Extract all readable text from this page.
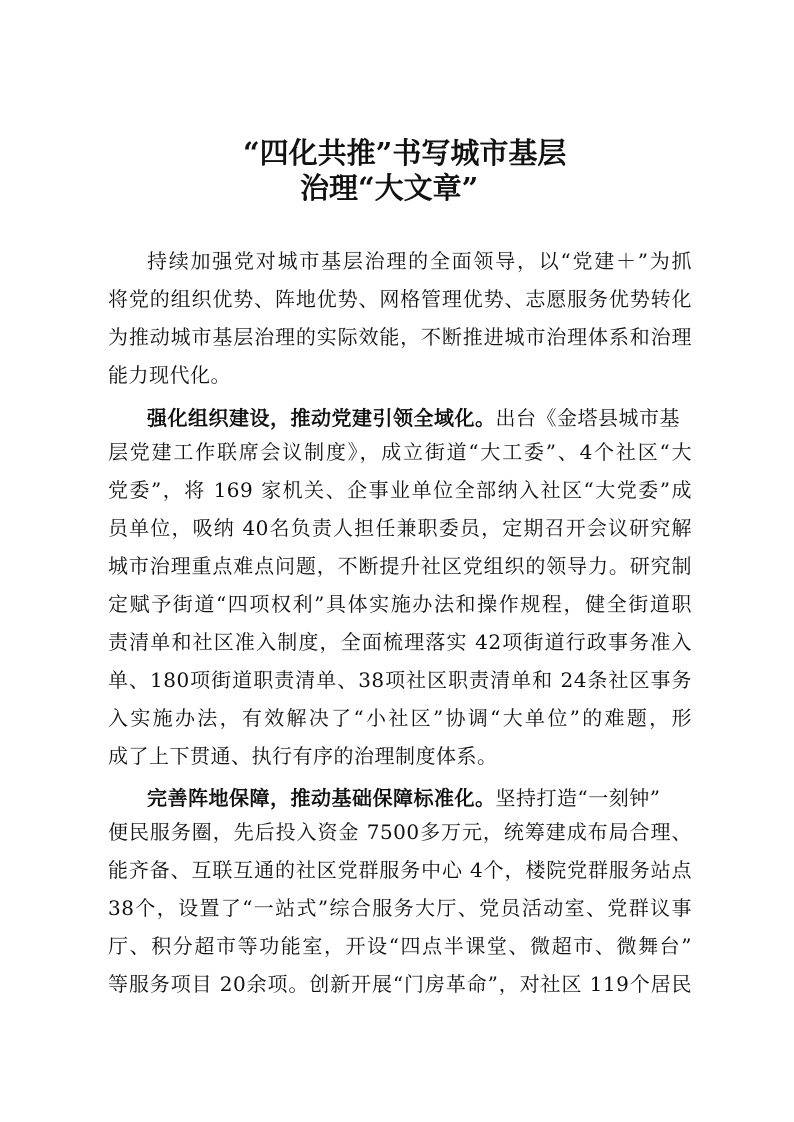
“四化共推”书写城市基层
治理“大文章”
持续加强党对城市基层治理的全面领导，以“党建＋”为抓
将党的组织优势、阵地优势、网格管理优势、志愿服务优势转化
为推动城市基层治理的实际效能，不断推进城市治理体系和治理
能力现代化。
强化组织建设，推动党建引领全域化。出台《金塔县城市基
层党建工作联席会议制度》，成立街道“大工委”、4个社区“大
党委”，将 169 家机关、企事业单位全部纳入社区“大党委”成
员单位，吸纳 40名负责人担任兼职委员，定期召开会议研究解
城市治理重点难点问题，不断提升社区党组织的领导力。研究制
定赋予街道“四项权利”具体实施办法和操作规程，健全街道职
责清单和社区准入制度，全面梳理落实 42项街道行政事务准入
单、180项街道职责清单、38项社区职责清单和 24条社区事务
入实施办法，有效解决了“小社区”协调“大单位”的难题，形
成了上下贯通、执行有序的治理制度体系。
完善阵地保障，推动基础保障标准化。坚持打造“一刻钟”
便民服务圈，先后投入资金 7500多万元，统筹建成布局合理、
能齐备、互联互通的社区党群服务中心 4个，楼院党群服务站点
38个，设置了“一站式”综合服务大厅、党员活动室、党群议事
厅、积分超市等功能室，开设“四点半课堂、微超市、微舞台”
等服务项目 20余项。创新开展“门房革命”，对社区 119个居民
